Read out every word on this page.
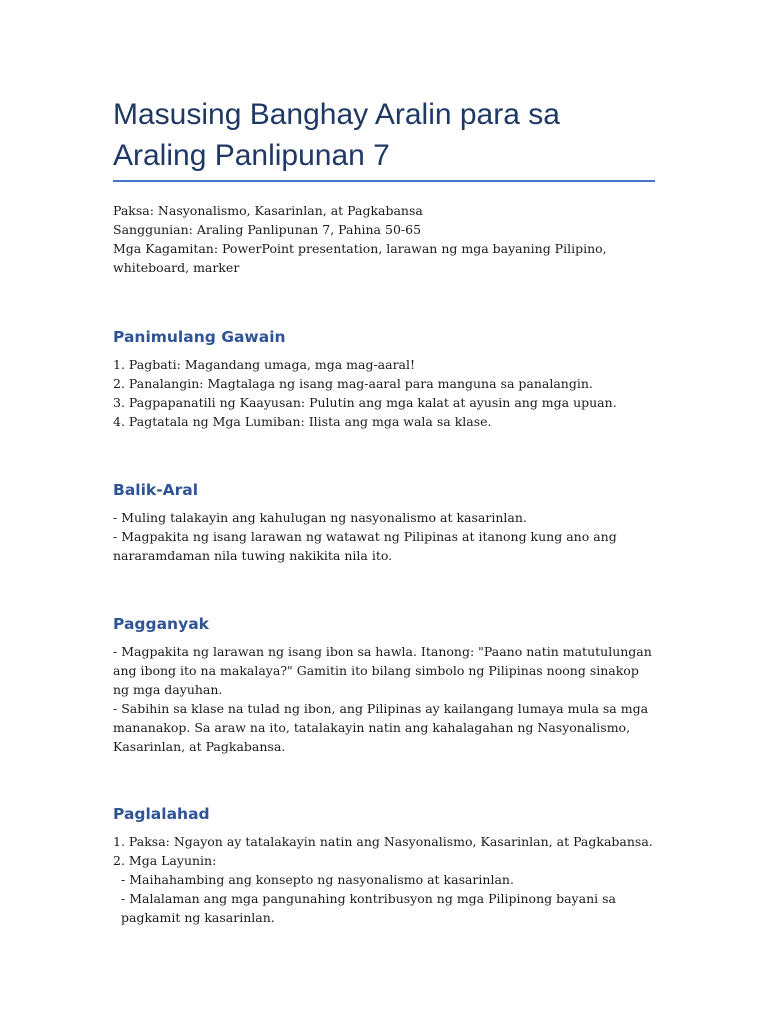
Masusing Banghay Aralin para sa Araling Panlipunan 7

Paksa: Nasyonalismo, Kasarinlan, at Pagkabansa

Sanggunian: Araling Panlipunan 7, Pahina 50-65

Mga Kagamitan: PowerPoint presentation, larawan ng mga bayaning Pilipino, whiteboard, marker

Panimulang Gawain

1. Pagbati: Magandang umaga, mga mag-aaral!

2. Panalangin: Magtalaga ng isang mag-aaral para manguna sa panalangin.

3. Pagpapanatili ng Kaayusan: Pulutin ang mga kalat at ayusin ang mga upuan.

4. Pagtatala ng Mga Lumiban: Ilista ang mga wala sa klase.

Balik-Aral

- Muling talakayin ang kahulugan ng nasyonalismo at kasarinlan.

- Magpakita ng isang larawan ng watawat ng Pilipinas at itanong kung ano ang nararamdaman nila tuwing nakikita nila ito.

Pagganyak

- Magpakita ng larawan ng isang ibon sa hawla. Itanong: "Paano natin matutulungan ang ibong ito na makalaya?" Gamitin ito bilang simbolo ng Pilipinas noong sinakop ng mga dayuhan.

- Sabihin sa klase na tulad ng ibon, ang Pilipinas ay kailangang lumaya mula sa mga mananakop. Sa araw na ito, tatalakayin natin ang kahalagahan ng Nasyonalismo, Kasarinlan, at Pagkabansa.

Paglalahad

1. Paksa: Ngayon ay tatalakayin natin ang Nasyonalismo, Kasarinlan, at Pagkabansa.

2. Mga Layunin:

- Maihahambing ang konsepto ng nasyonalismo at kasarinlan.

- Malalaman ang mga pangunahing kontribusyon ng mga Pilipinong bayani sa pagkamit ng kasarinlan.
